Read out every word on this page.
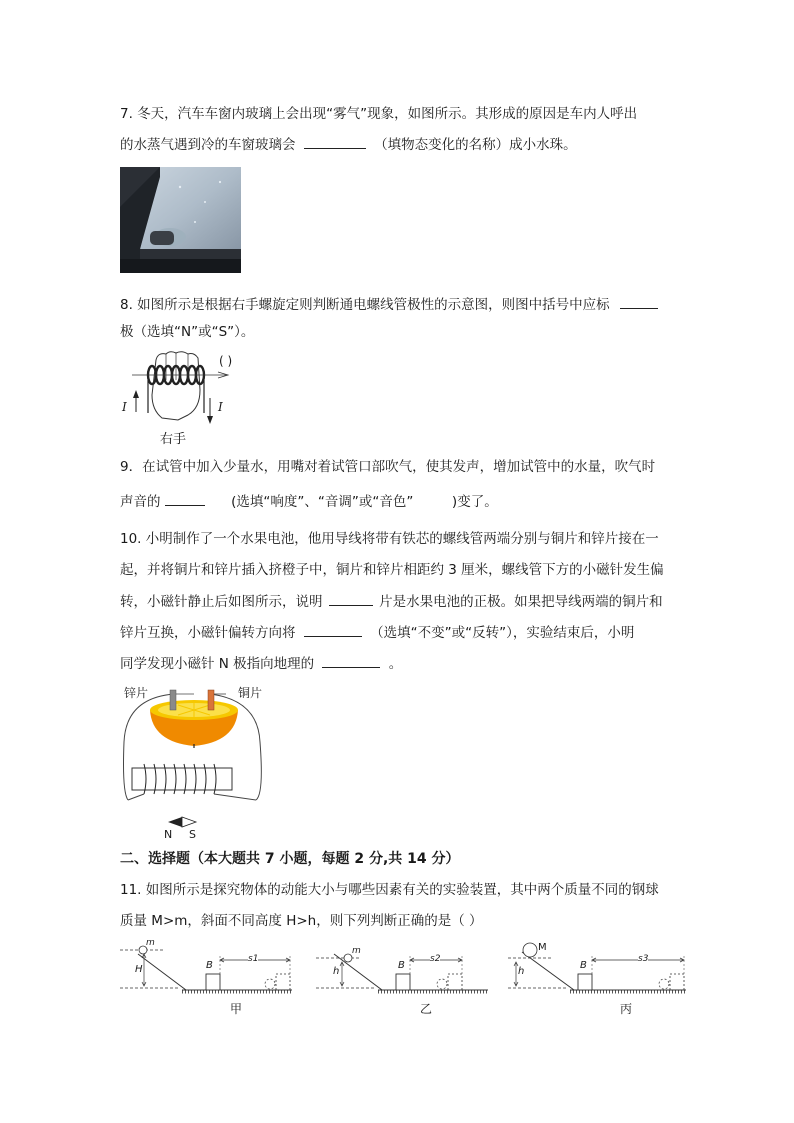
7. 冬天，汽车车窗内玻璃上会出现“雾气”现象，如图所示。其形成的原因是车内人呼出
的水蒸气遇到冷的车窗玻璃会	（填物态变化的名称）成小水珠。
8. 如图所示是根据右手螺旋定则判断通电螺线管极性的示意图，则图中括号中应标
极（选填“N”或“S”）。
( )
I	I
右手
9．在试管中加入少量水，用嘴对着试管口部吹气，使其发声，增加试管中的水量，吹气时
声音的	(选填“响度”、“音调”或“音色”	)变了。
10. 小明制作了一个水果电池，他用导线将带有铁芯的螺线管两端分别与铜片和锌片接在一
起，并将铜片和锌片插入挤橙子中，铜片和锌片相距约 3 厘米，螺线管下方的小磁针发生偏
转，小磁针静止后如图所示，说明	片是水果电池的正极。如果把导线两端的铜片和
锌片互换，小磁针偏转方向将	（选填“不变”或“反转”），实验结束后，小明
同学发现小磁针 N 极指向地理的	。
锌片	铜片
N S
二、选择题（本大题共 7 小题，每题 2 分,共 14 分）
11. 如图所示是探究物体的动能大小与哪些因素有关的实验装置，其中两个质量不同的钢球
质量 M>m，斜面不同高度 H>h，则下列判断正确的是（ ）
m
H	B
s1
甲
m
h
B
s2
乙
M
h
B
s3
丙
